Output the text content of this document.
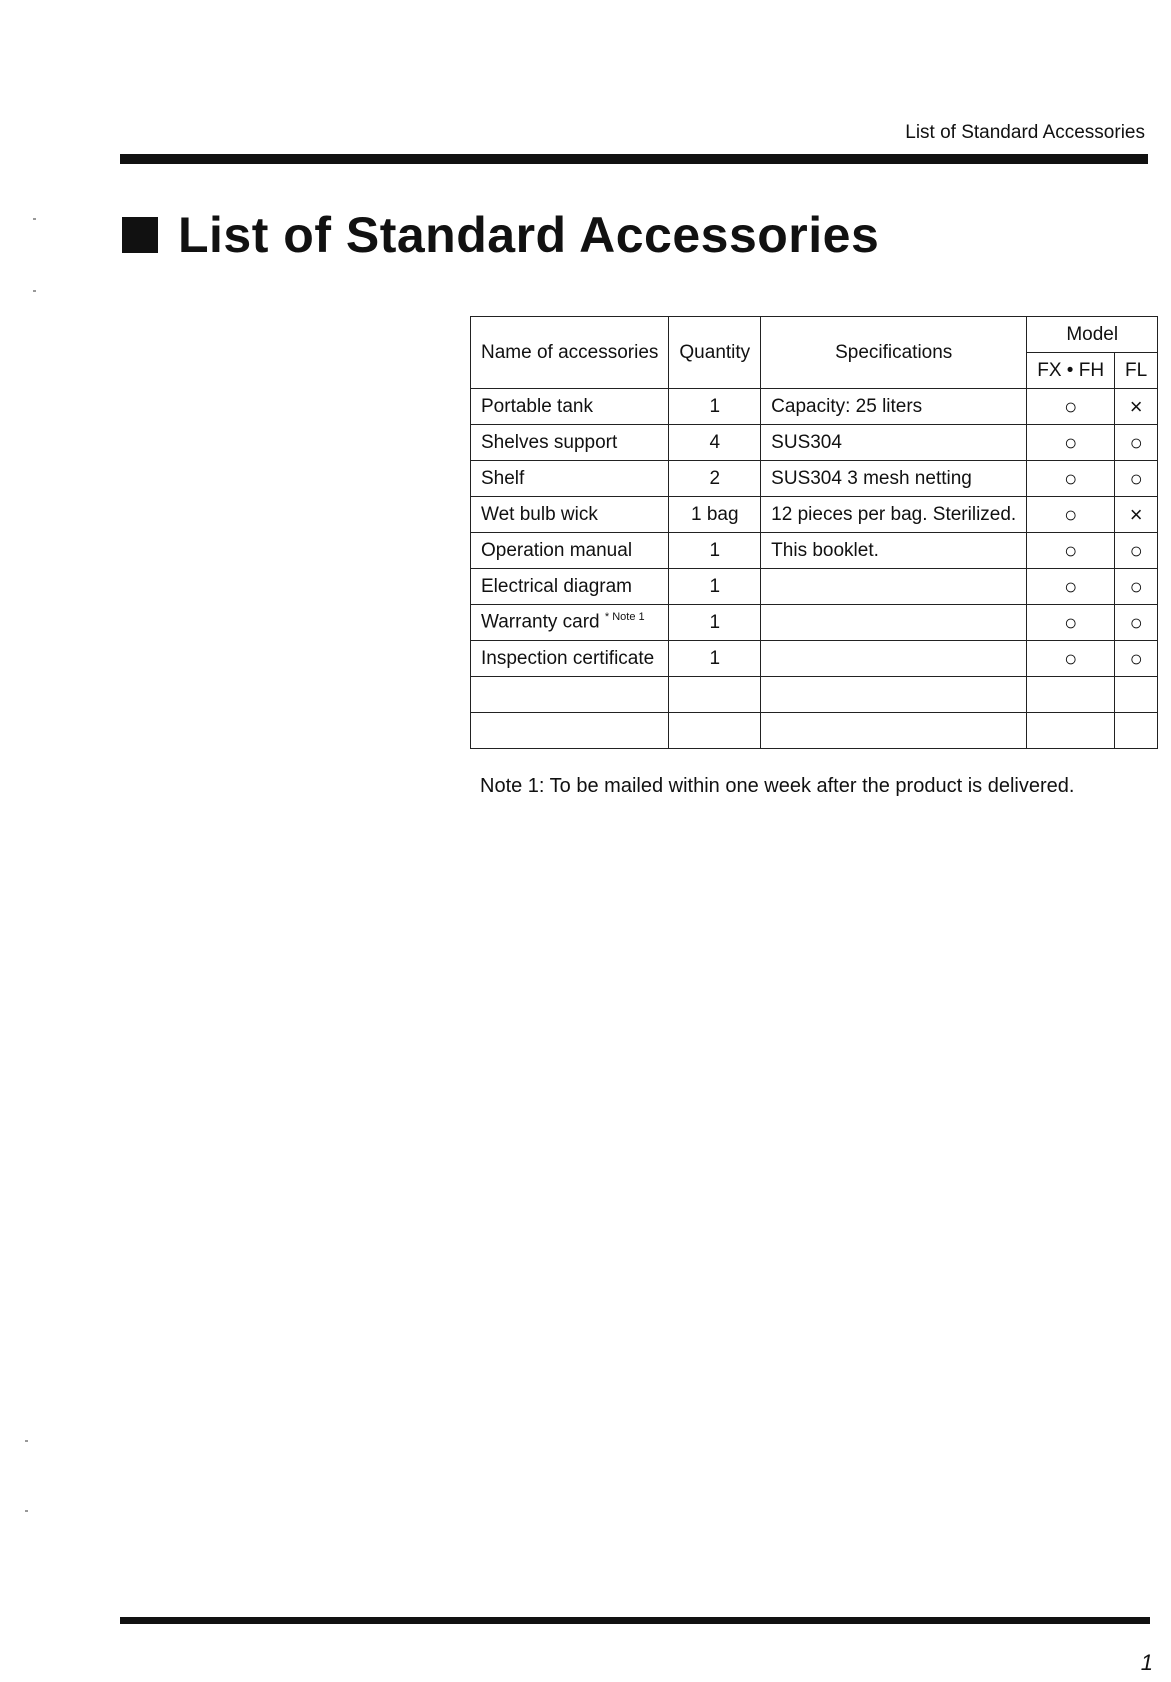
List of Standard Accessories
List of Standard Accessories
Name of accessories	Quantity	Specifications	Model	
			FX • FH	FL
Portable tank	1	Capacity: 25 liters	○	×
Shelves support	4	SUS304	○	○
Shelf	2	SUS304 3 mesh netting	○	○
Wet bulb wick	1 bag	12 pieces per bag. Sterilized.	○	×
Operation manual	1	This booklet.	○	○
Electrical diagram	1		○	○
Warranty card $^{* Note 1}$	1		○	○
Inspection certificate	1		○	○

Note 1: To be mailed within one week after the product is delivered.
1
